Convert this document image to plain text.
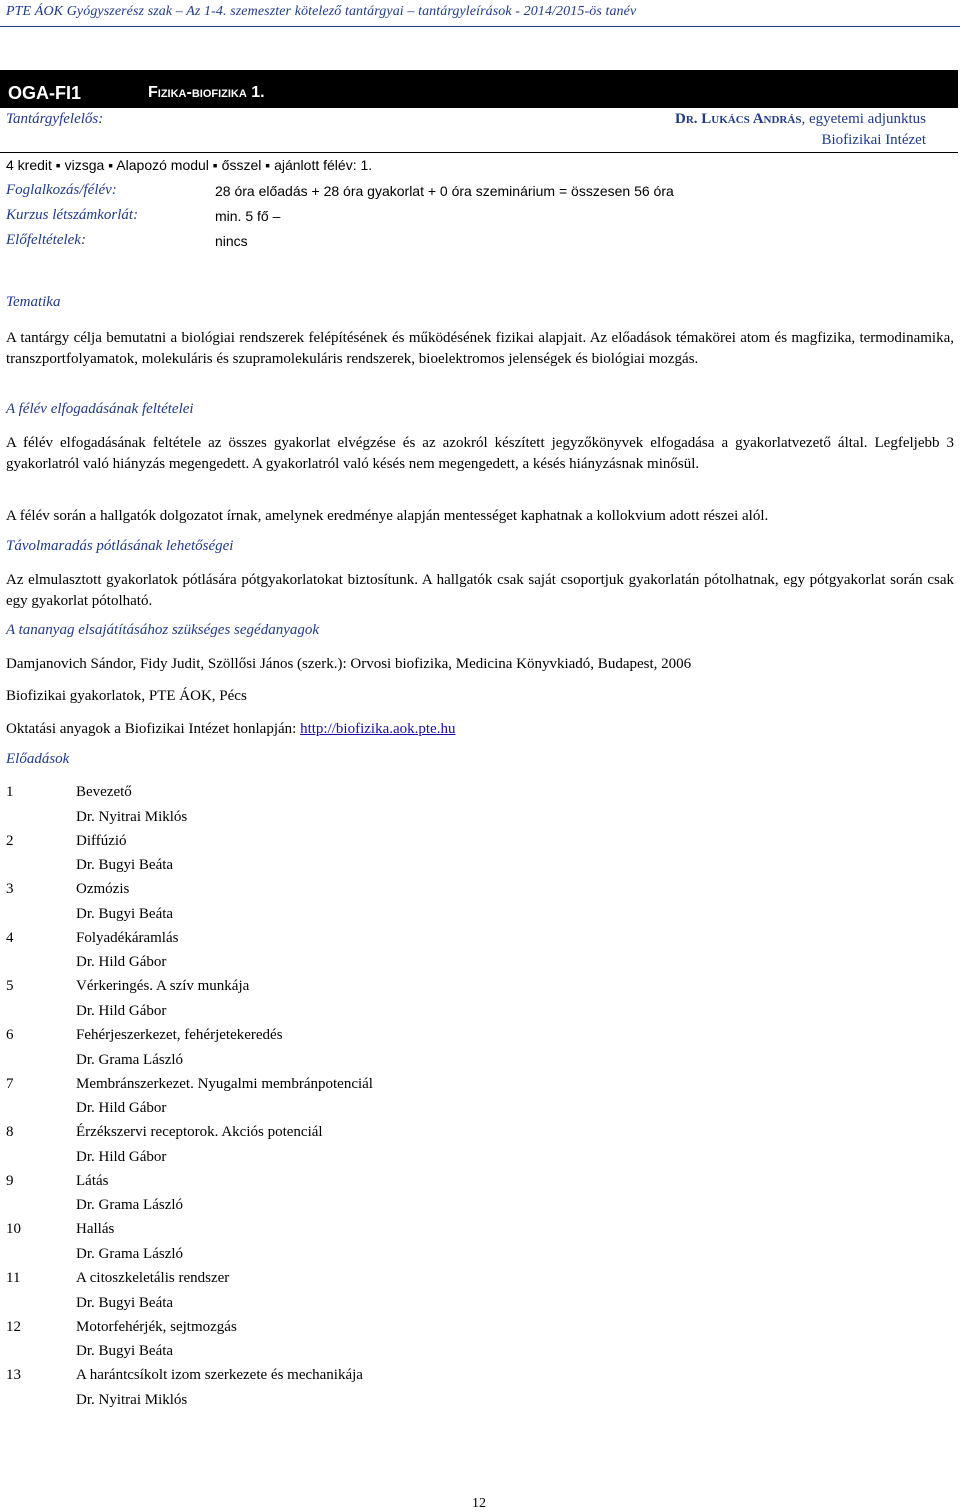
PTE ÁOK Gyógyszerész szak – Az 1-4. szemeszter kötelező tantárgyai – tantárgyleírások - 2014/2015-ös tanév
OGA-FI1	Fizika-biofizika 1.
Tantárgyfelelős:	Dr. Lukács András, egyetemi adjunktus
Biofizikai Intézet
4 kredit ▪ vizsga ▪ Alapozó modul ▪ ősszel ▪ ajánlott félév: 1.
Foglalkozás/félév:	28 óra előadás + 28 óra gyakorlat + 0 óra szeminárium = összesen 56 óra
Kurzus létszámkorlát:	min. 5 fő –
Előfeltételek:	nincs
Tematika
A tantárgy célja bemutatni a biológiai rendszerek felépítésének és működésének fizikai alapjait. Az előadások témakörei atom és magfizika, termodinamika, transzportfolyamatok, molekuláris és szupramolekuláris rendszerek, bioelektromos jelenségek és biológiai mozgás.
A félév elfogadásának feltételei
A félév elfogadásának feltétele az összes gyakorlat elvégzése és az azokról készített jegyzőkönyvek elfogadása a gyakorlatvezető által. Legfeljebb 3 gyakorlatról való hiányzás megengedett. A gyakorlatról való késés nem megengedett, a késés hiányzásnak minősül.
A félév során a hallgatók dolgozatot írnak, amelynek eredménye alapján mentességet kaphatnak a kollokvium adott részei alól.
Távolmaradás pótlásának lehetőségei
Az elmulasztott gyakorlatok pótlására pótgyakorlatokat biztosítunk. A hallgatók csak saját csoportjuk gyakorlatán pótolhatnak, egy pótgyakorlat során csak egy gyakorlat pótolható.
A tananyag elsajátításához szükséges segédanyagok
Damjanovich Sándor, Fidy Judit, Szöllősi János (szerk.): Orvosi biofizika, Medicina Könyvkiadó, Budapest, 2006
Biofizikai gyakorlatok, PTE ÁOK, Pécs
Oktatási anyagok a Biofizikai Intézet honlapján: http://biofizika.aok.pte.hu
Előadások
1	Bevezető
Dr. Nyitrai Miklós
2	Diffúzió
Dr. Bugyi Beáta
3	Ozmózis
Dr. Bugyi Beáta
4	Folyadékáramlás
Dr. Hild Gábor
5	Vérkeringés. A szív munkája
Dr. Hild Gábor
6	Fehérjeszerkezet, fehérjetekeredés
Dr. Grama László
7	Membránszerkezet. Nyugalmi membránpotenciál
Dr. Hild Gábor
8	Érzékszervi receptorok. Akciós potenciál
Dr. Hild Gábor
9	Látás
Dr. Grama László
10	Hallás
Dr. Grama László
11	A citoszkeletális rendszer
Dr. Bugyi Beáta
12	Motorfehérjék, sejtmozgás
Dr. Bugyi Beáta
13	A harántcsíkolt izom szerkezete és mechanikája
Dr. Nyitrai Miklós
12
